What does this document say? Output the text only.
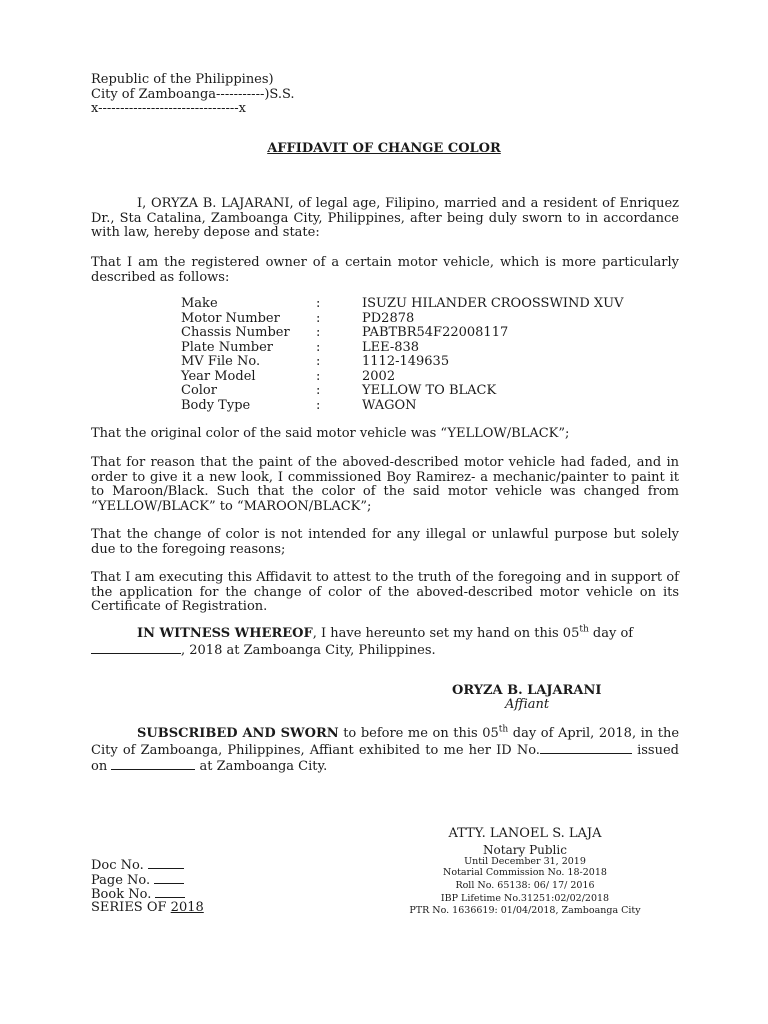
Republic of the Philippines)
City of Zamboanga-----------)S.S.
x--------------------------------x
AFFIDAVIT OF CHANGE COLOR
I, ORYZA B. LAJARANI, of legal age, Filipino, married and a resident of Enriquez Dr., Sta Catalina, Zamboanga City, Philippines, after being duly sworn to in accordance with law, hereby depose and state:
That I am the registered owner of a certain motor vehicle, which is more particularly described as follows:
Make	:	ISUZU HILANDER CROOSSWIND XUV
Motor Number	:	PD2878
Chassis Number :	PABTBR54F22008117
Plate Number	:	LEE-838
MV File No.	:	1112-149635
Year Model	:	2002
Color	:	YELLOW TO BLACK
Body Type	:	WAGON
That the original color of the said motor vehicle was “YELLOW/BLACK”;
That for reason that the paint of the aboved-described motor vehicle had faded, and in order to give it a new look, I commissioned Boy Ramirez- a mechanic/painter to paint it to Maroon/Black. Such that the color of the said motor vehicle was changed from “YELLOW/BLACK” to “MAROON/BLACK”;
That the change of color is not intended for any illegal or unlawful purpose but solely due to the foregoing reasons;
That I am executing this Affidavit to attest to the truth of the foregoing and in support of the application for the change of color of the aboved-described motor vehicle on its Certificate of Registration.
IN WITNESS WHEREOF, I have hereunto set my hand on this 05th day of
, 2018 at Zamboanga City, Philippines.
ORYZA B. LAJARANI
Affiant
SUBSCRIBED AND SWORN to before me on this 05th day of April, 2018, in the City of Zamboanga, Philippines, Affiant exhibited to me her ID No.	issued on	at Zamboanga City.
ATTY. LANOEL S. LAJA
Notary Public
Until December 31, 2019
Notarial Commission No. 18-2018
Roll No. 65138: 06/ 17/ 2016
IBP Lifetime No.31251:02/02/2018
PTR No. 1636619: 01/04/2018, Zamboanga City
Doc No.
Page No.
Book No.
SERIES OF 2018
